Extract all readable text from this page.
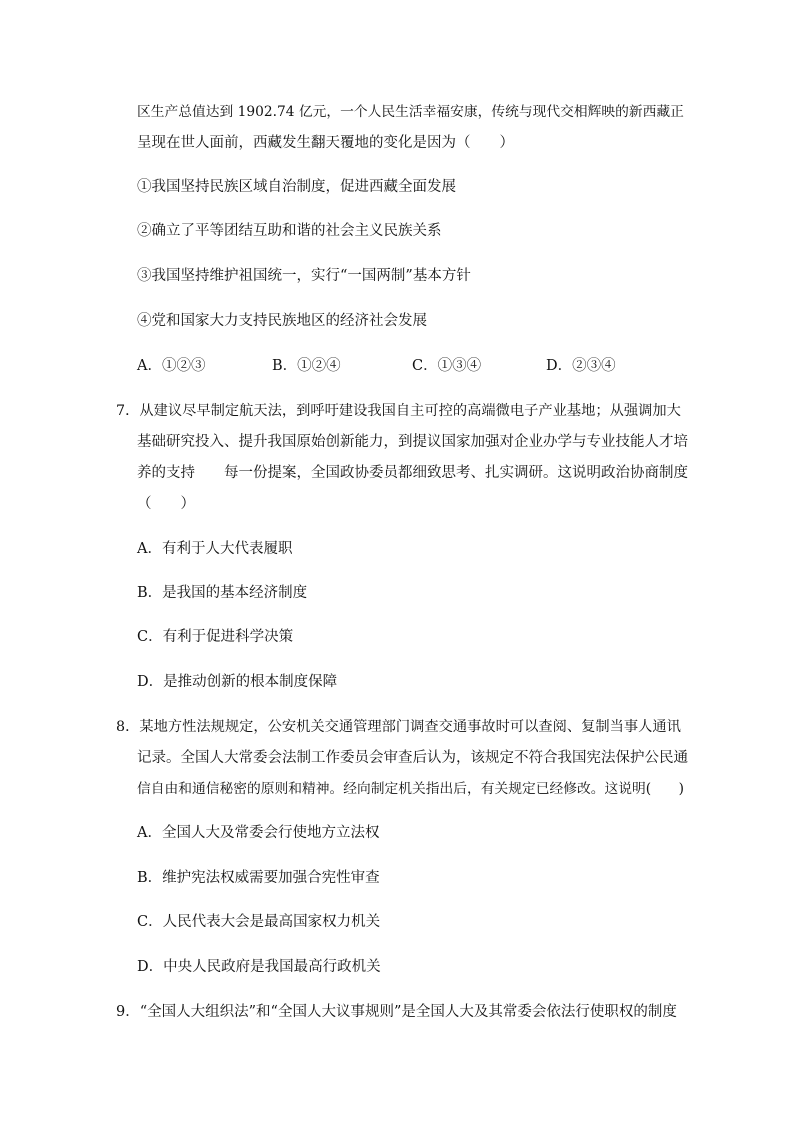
区生产总值达到 1902.74 亿元，一个人民生活幸福安康，传统与现代交相辉映的新西藏正
呈现在世人面前，西藏发生翻天覆地的变化是因为（　　）
①我国坚持民族区域自治制度，促进西藏全面发展
②确立了平等团结互助和谐的社会主义民族关系
③我国坚持维护祖国统一，实行“一国两制”基本方针
④党和国家大力支持民族地区的经济社会发展
A．①②③	B．①②④	C．①③④	D．②③④
7．从建议尽早制定航天法，到呼吁建设我国自主可控的高端微电子产业基地；从强调加大
基础研究投入、提升我国原始创新能力，到提议国家加强对企业办学与专业技能人才培
养的支持　　每一份提案，全国政协委员都细致思考、扎实调研。这说明政治协商制度
（　　）
A．有利于人大代表履职
B．是我国的基本经济制度
C．有利于促进科学决策
D．是推动创新的根本制度保障
8．某地方性法规规定，公安机关交通管理部门调查交通事故时可以查阅、复制当事人通讯
记录。全国人大常委会法制工作委员会审查后认为，该规定不符合我国宪法保护公民通
信自由和通信秘密的原则和精神。经向制定机关指出后，有关规定已经修改。这说明(　　)
A．全国人大及常委会行使地方立法权
B．维护宪法权威需要加强合宪性审查
C．人民代表大会是最高国家权力机关
D．中央人民政府是我国最高行政机关
9．“全国人大组织法”和“全国人大议事规则”是全国人大及其常委会依法行使职权的制度
